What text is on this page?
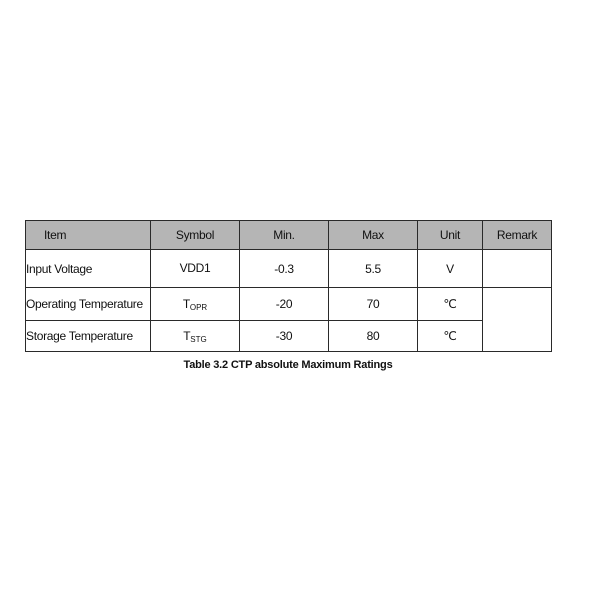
Item	Symbol	Min.	Max	Unit	Remark
Input Voltage	VDD1	-0.3	5.5	V	
Operating Temperature	TOPR	-20	70	℃	
Storage Temperature	TSTG	-30	80	℃	
Table 3.2 CTP absolute Maximum Ratings
